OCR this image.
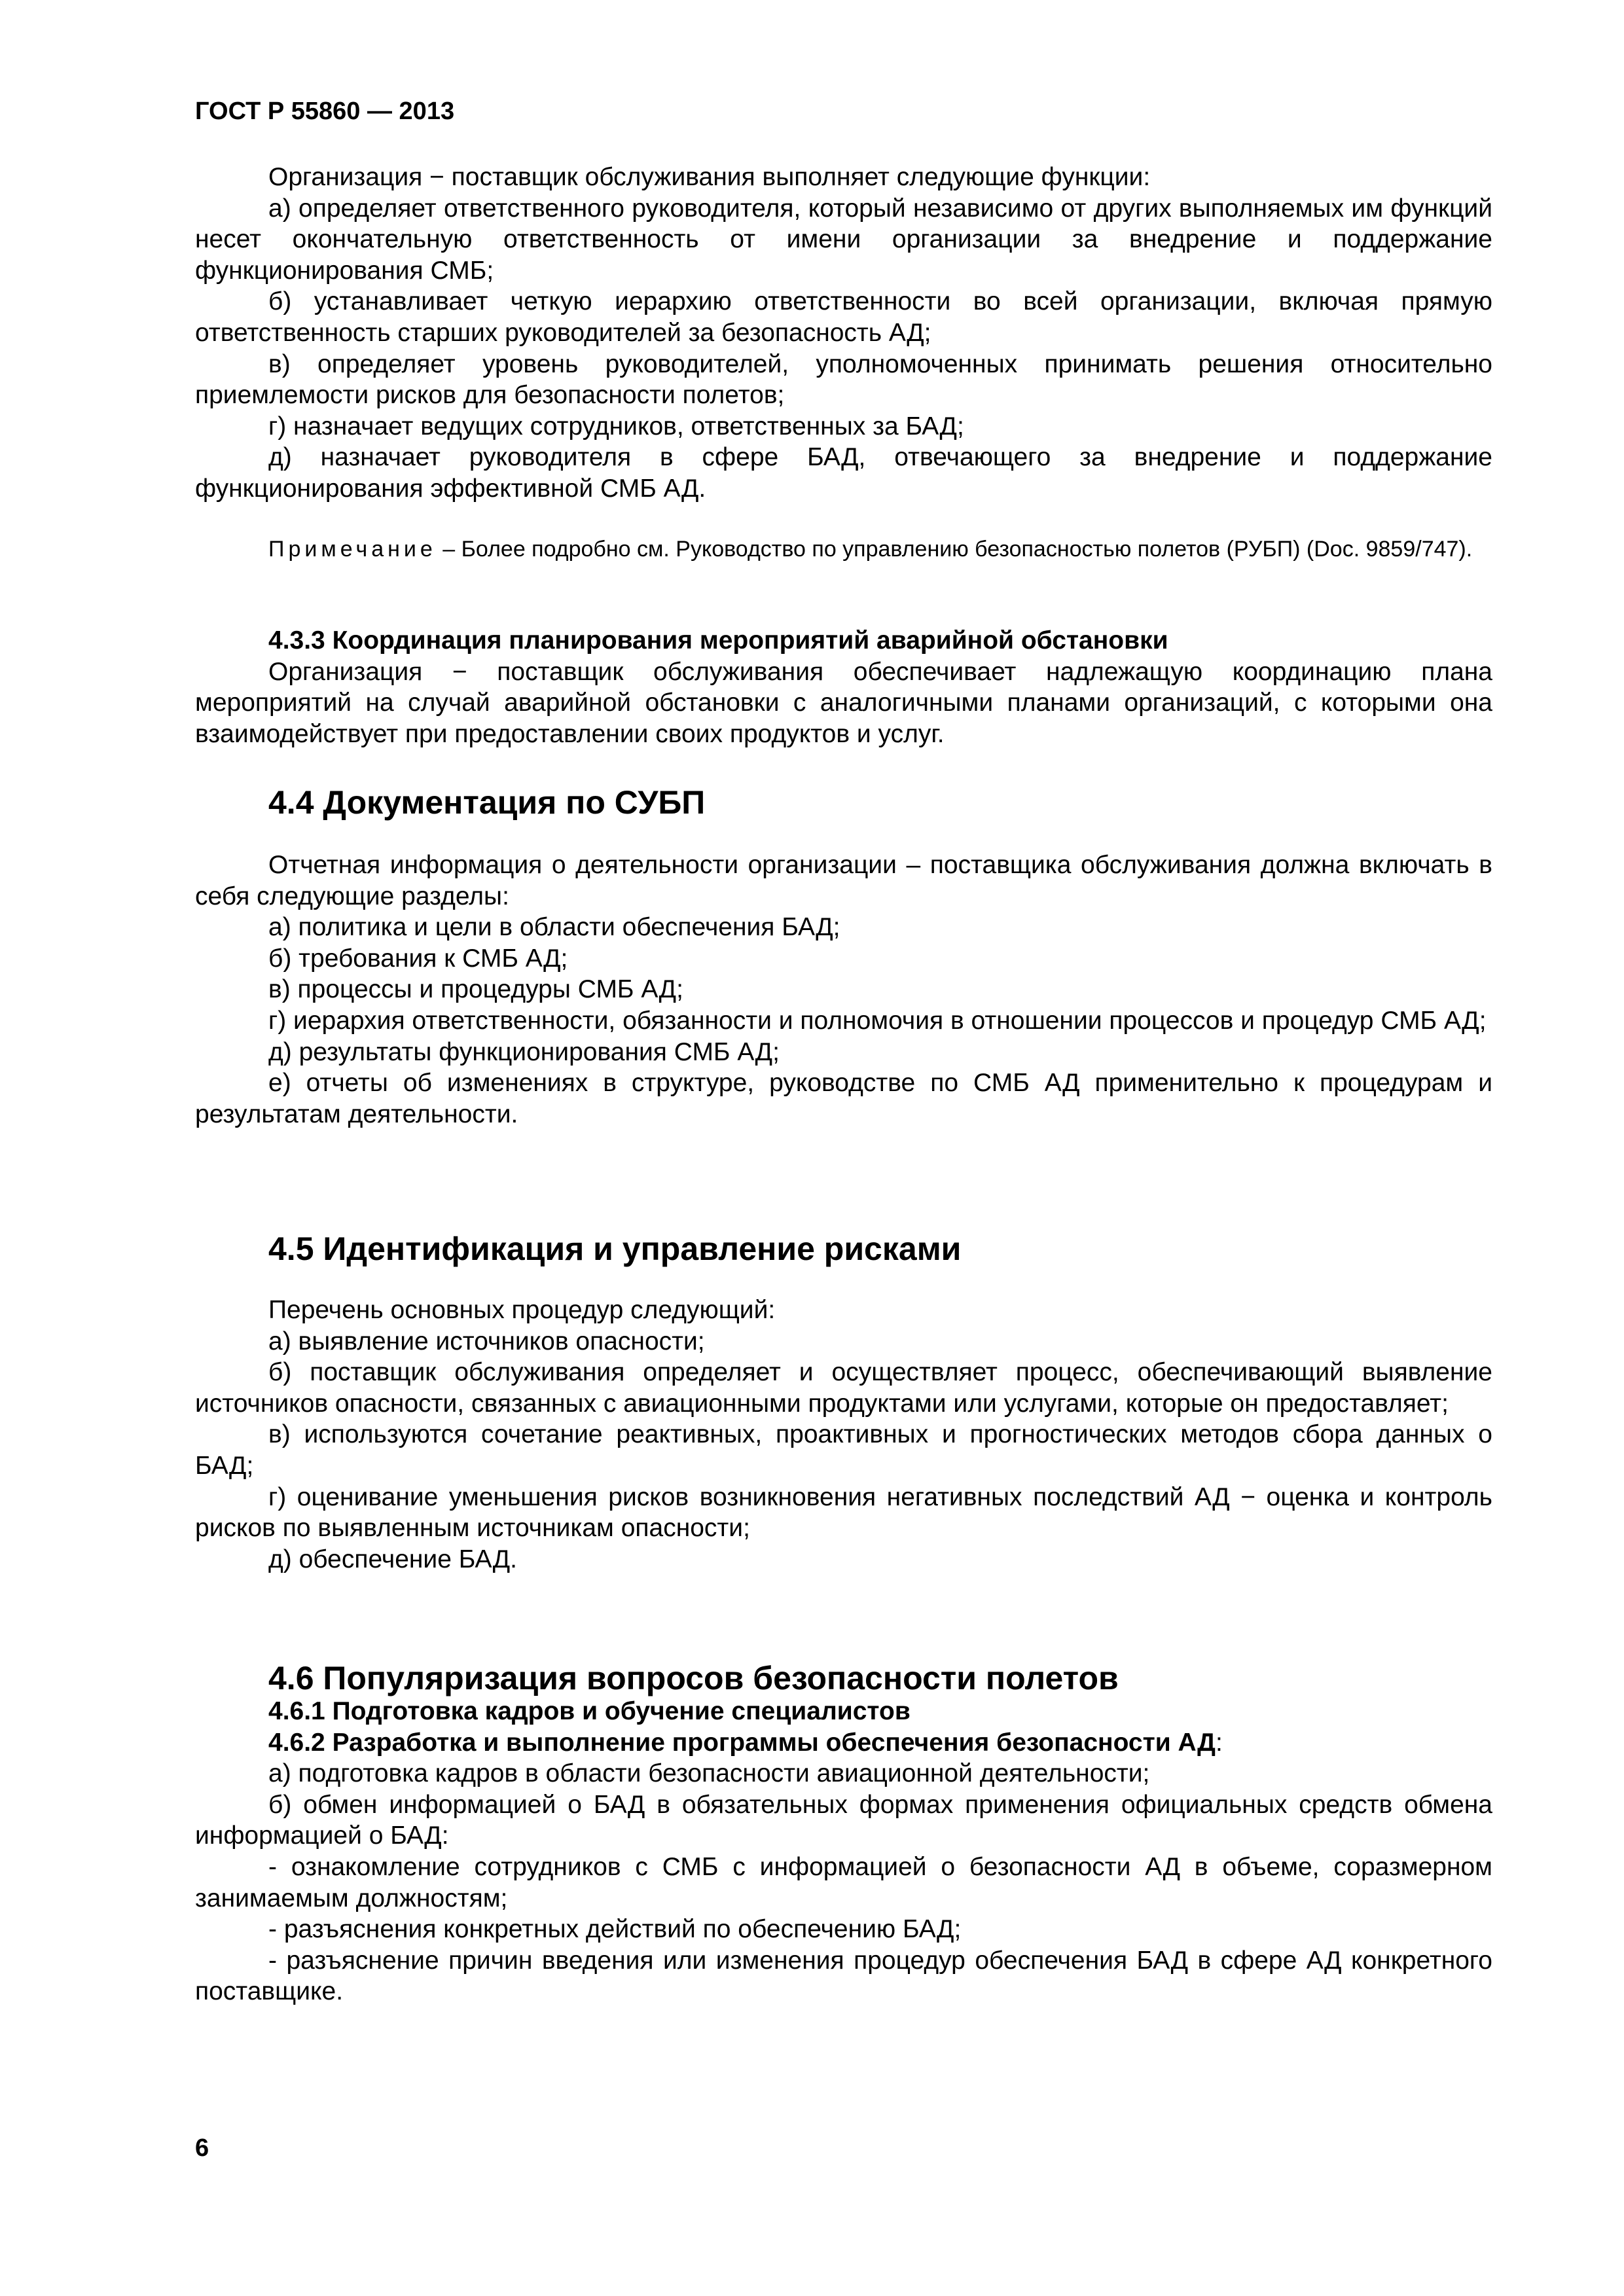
ГОСТ Р 55860 — 2013

Организация − поставщик обслуживания выполняет следующие функции:

а) определяет ответственного руководителя, который независимо от других выполняемых им функций несет окончательную ответственность от имени организации за внедрение и поддержание функционирования СМБ;

б) устанавливает четкую иерархию ответственности во всей организации, включая прямую ответственность старших руководителей за безопасность АД;

в) определяет уровень руководителей, уполномоченных принимать решения относительно приемлемости рисков для безопасности полетов;

г) назначает ведущих сотрудников, ответственных за БАД;

д) назначает руководителя в сфере БАД, отвечающего за внедрение и поддержание функционирования эффективной СМБ АД.

Примечание – Более подробно см. Руководство по управлению безопасностью полетов (РУБП) (Doc. 9859/747).

4.3.3 Координация планирования мероприятий аварийной обстановки

Организация − поставщик обслуживания обеспечивает надлежащую координацию плана мероприятий на случай аварийной обстановки с аналогичными планами организаций, с которыми она взаимодействует при предоставлении своих продуктов и услуг.

4.4 Документация по СУБП

Отчетная информация о деятельности организации – поставщика обслуживания должна включать в себя следующие разделы:

а) политика и цели в области обеспечения БАД;

б) требования к СМБ АД;

в) процессы и процедуры СМБ АД;

г) иерархия ответственности, обязанности и полномочия в отношении процессов и процедур СМБ АД;

д) результаты функционирования СМБ АД;

е) отчеты об изменениях в структуре, руководстве по СМБ АД применительно к процедурам и результатам деятельности.

4.5 Идентификация и управление рисками

Перечень основных процедур следующий:

а) выявление источников опасности;

б) поставщик обслуживания определяет и осуществляет процесс, обеспечивающий выявление источников опасности, связанных с авиационными продуктами или услугами, которые он предоставляет;

в) используются сочетание реактивных, проактивных и прогностических методов сбора данных о БАД;

г) оценивание уменьшения рисков возникновения негативных последствий АД − оценка и контроль рисков по выявленным источникам опасности;

д) обеспечение БАД.

4.6 Популяризация вопросов безопасности полетов

4.6.1 Подготовка кадров и обучение специалистов

4.6.2 Разработка и выполнение программы обеспечения безопасности АД:

а) подготовка кадров в области безопасности авиационной деятельности;

б) обмен информацией о БАД в обязательных формах применения официальных средств обмена информацией о БАД:

- ознакомление сотрудников с СМБ с информацией о безопасности АД в объеме, соразмерном занимаемым должностям;

- разъяснения конкретных действий по обеспечению БАД;

- разъяснение причин введения или изменения процедур обеспечения БАД в сфере АД конкретного поставщике.

6
